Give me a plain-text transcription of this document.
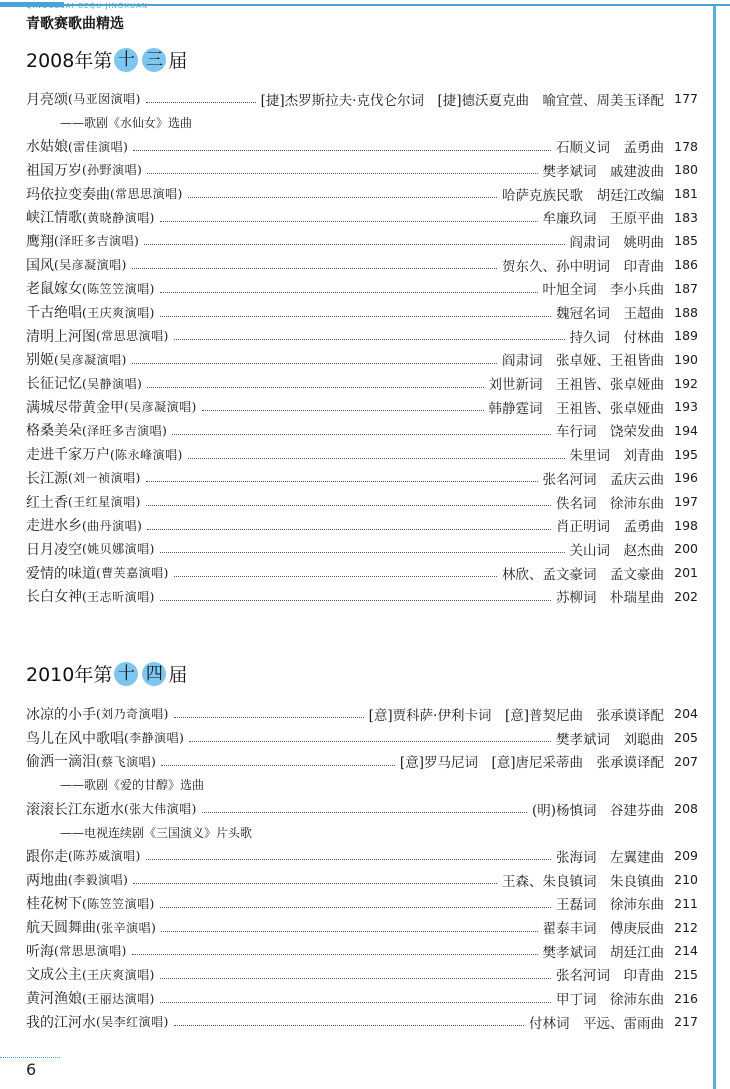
QINGGESAI GEQU JINGXUAN
青歌赛歌曲精选
2008年第 十 三 届
月亮颂 (马亚囡演唱)	[捷]杰罗斯拉夫·克伐仑尔词　[捷]德沃夏克曲　喻宜萱、周美玉译配 177
——歌剧《水仙女》选曲
水姑娘 (雷佳演唱)	石顺义词　孟勇曲 178
祖国万岁 (孙野演唱)	樊孝斌词　戚建波曲 180
玛依拉变奏曲 (常思思演唱)	哈萨克族民歌　胡廷江改编 181
峡江情歌 (黄晓静演唱)	牟廉玖词　王原平曲 183
鹰翔 (泽旺多吉演唱)	阎肃词　姚明曲 185
国风 (吴彦凝演唱)	贺东久、孙中明词　印青曲 186
老鼠嫁女 (陈笠笠演唱)	叶旭全词　李小兵曲 187
千古绝唱 (王庆爽演唱)	魏冠名词　王超曲 188
清明上河图 (常思思演唱)	持久词　付林曲 189
别姬 (吴彦凝演唱)	阎肃词　张卓娅、王祖皆曲 190
长征记忆 (吴静演唱)	刘世新词　王祖皆、张卓娅曲 192
满城尽带黄金甲 (吴彦凝演唱)	韩静霆词　王祖皆、张卓娅曲 193
格桑美朵 (泽旺多吉演唱)	车行词　饶荣发曲 194
走进千家万户 (陈永峰演唱)	朱里词　刘青曲 195
长江源 (刘一祯演唱)	张名河词　孟庆云曲 196
红土香 (王红星演唱)	佚名词　徐沛东曲 197
走进水乡 (曲丹演唱)	肖正明词　孟勇曲 198
日月凌空 (姚贝娜演唱)	关山词　赵杰曲 200
爱情的味道 (曹芙嘉演唱)	林欣、孟文豪词　孟文豪曲 201
长白女神 (王志昕演唱)	苏柳词　朴瑞星曲 202
2010年第 十 四 届
冰凉的小手 (刘乃奇演唱)	[意]贾科萨·伊利卡词　[意]普契尼曲　张承谟译配 204
鸟儿在风中歌唱 (李静演唱)	樊孝斌词　刘聪曲 205
偷洒一滴泪 (蔡飞演唱)	[意]罗马尼词　[意]唐尼采蒂曲　张承谟译配 207
——歌剧《爱的甘醇》选曲
滚滚长江东逝水 (张大伟演唱)	(明)杨慎词　谷建芬曲 208
——电视连续剧《三国演义》片头歌
跟你走 (陈苏威演唱)	张海词　左翼建曲 209
两地曲 (李毅演唱)	王森、朱良镇词　朱良镇曲 210
桂花树下 (陈笠笠演唱)	王磊词　徐沛东曲 211
航天圆舞曲 (张辛演唱)	翟泰丰词　傅庚辰曲 212
听海 (常思思演唱)	樊孝斌词　胡廷江曲 214
文成公主 (王庆爽演唱)	张名河词　印青曲 215
黄河渔娘 (王丽达演唱)	甲丁词　徐沛东曲 216
我的江河水 (吴李红演唱)	付林词　平远、雷雨曲 217
6
